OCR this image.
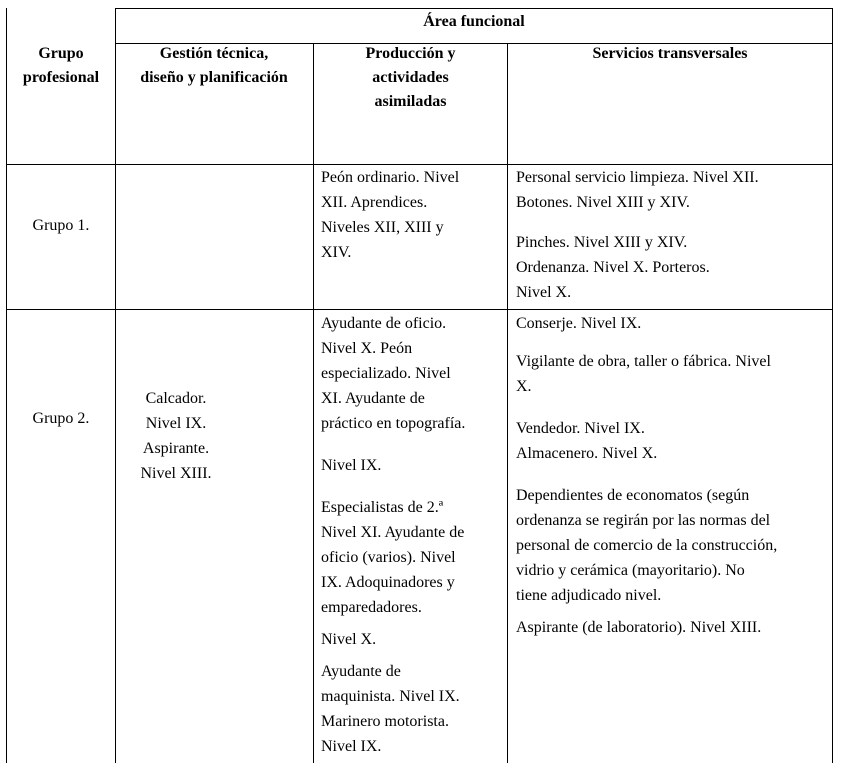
Área funcional
Grupo
profesional
Gestión técnica,
diseño y planificación
Producción y
actividades
asimiladas
Servicios transversales
Grupo 1.
Peón ordinario. Nivel
XII. Aprendices.
Niveles XII, XIII y
XIV.
Personal servicio limpieza. Nivel XII.
Botones. Nivel XIII y XIV.
Pinches. Nivel XIII y XIV.
Ordenanza. Nivel X. Porteros.
Nivel X.
Grupo 2.
Calcador.
Nivel IX.
Aspirante.
Nivel XIII.
Ayudante de oficio.
Nivel X. Peón
especializado. Nivel
XI. Ayudante de
práctico en topografía.
Nivel IX.
Especialistas de 2.ª
Nivel XI. Ayudante de
oficio (varios). Nivel
IX. Adoquinadores y
emparedadores.
Nivel X.
Ayudante de
maquinista. Nivel IX.
Marinero motorista.
Nivel IX.
Conserje. Nivel IX.
Vigilante de obra, taller o fábrica. Nivel
X.
Vendedor. Nivel IX.
Almacenero. Nivel X.
Dependientes de economatos (según
ordenanza se regirán por las normas del
personal de comercio de la construcción,
vidrio y cerámica (mayoritario). No
tiene adjudicado nivel.
Aspirante (de laboratorio). Nivel XIII.
